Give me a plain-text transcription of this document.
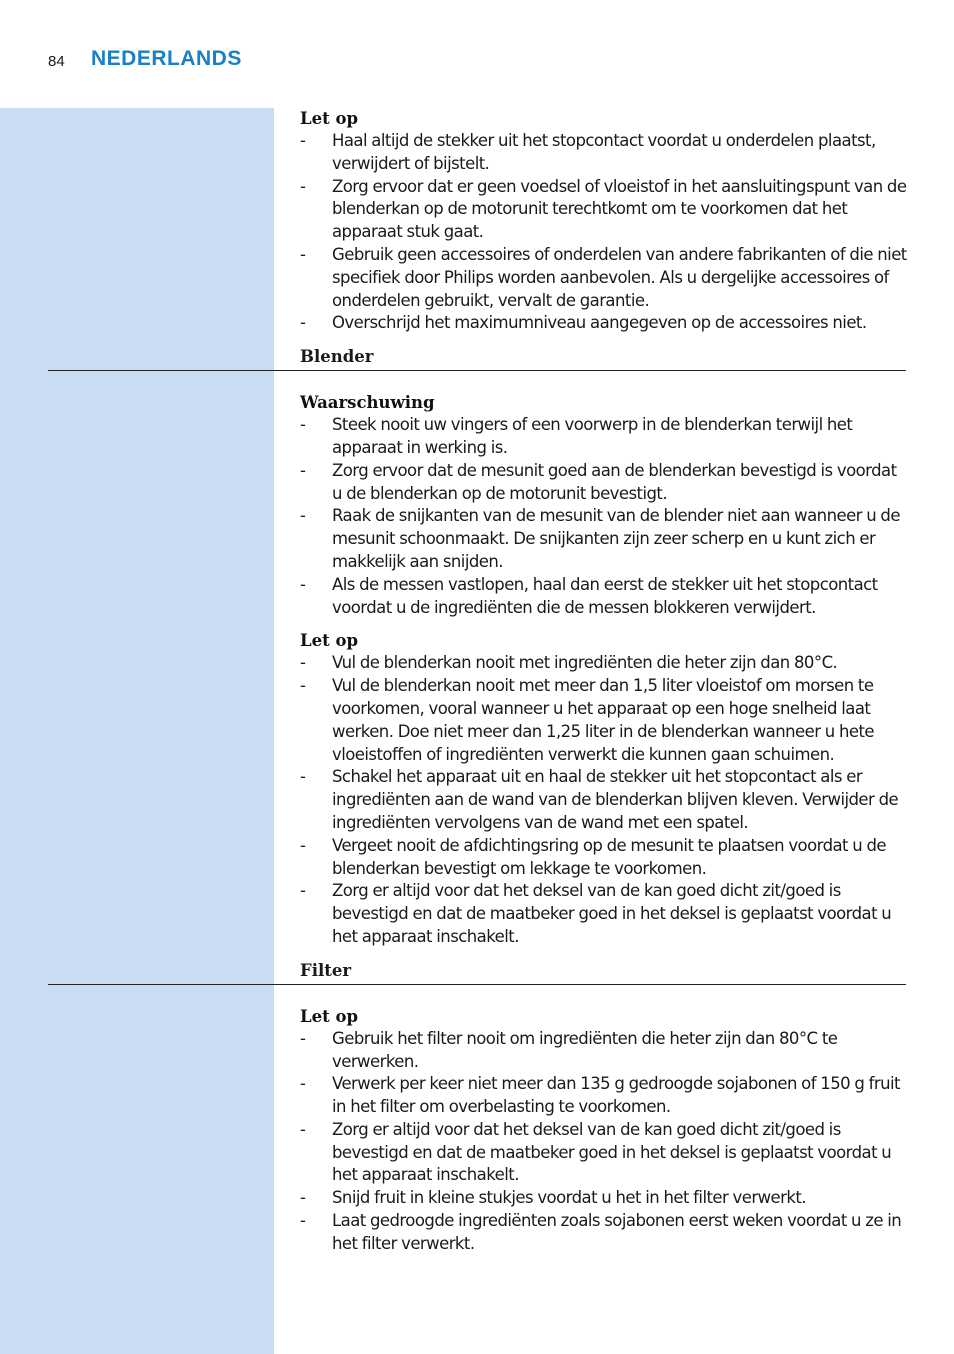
84 NEDERLANDS
Let op
- Haal altijd de stekker uit het stopcontact voordat u onderdelen plaatst, verwijdert of bijstelt.
- Zorg ervoor dat er geen voedsel of vloeistof in het aansluitingspunt van de blenderkan op de motorunit terechtkomt om te voorkomen dat het apparaat stuk gaat.
- Gebruik geen accessoires of onderdelen van andere fabrikanten of die niet specifiek door Philips worden aanbevolen. Als u dergelijke accessoires of onderdelen gebruikt, vervalt de garantie.
- Overschrijd het maximumniveau aangegeven op de accessoires niet.
Blender
Waarschuwing
- Steek nooit uw vingers of een voorwerp in de blenderkan terwijl het apparaat in werking is.
- Zorg ervoor dat de mesunit goed aan de blenderkan bevestigd is voordat u de blenderkan op de motorunit bevestigt.
- Raak de snijkanten van de mesunit van de blender niet aan wanneer u de mesunit schoonmaakt. De snijkanten zijn zeer scherp en u kunt zich er makkelijk aan snijden.
- Als de messen vastlopen, haal dan eerst de stekker uit het stopcontact voordat u de ingrediënten die de messen blokkeren verwijdert.
Let op
- Vul de blenderkan nooit met ingrediënten die heter zijn dan 80°C.
- Vul de blenderkan nooit met meer dan 1,5 liter vloeistof om morsen te voorkomen, vooral wanneer u het apparaat op een hoge snelheid laat werken. Doe niet meer dan 1,25 liter in de blenderkan wanneer u hete vloeistoffen of ingrediënten verwerkt die kunnen gaan schuimen.
- Schakel het apparaat uit en haal de stekker uit het stopcontact als er ingrediënten aan de wand van de blenderkan blijven kleven. Verwijder de ingrediënten vervolgens van de wand met een spatel.
- Vergeet nooit de afdichtingsring op de mesunit te plaatsen voordat u de blenderkan bevestigt om lekkage te voorkomen.
- Zorg er altijd voor dat het deksel van de kan goed dicht zit/goed is bevestigd en dat de maatbeker goed in het deksel is geplaatst voordat u het apparaat inschakelt.
Filter
Let op
- Gebruik het filter nooit om ingrediënten die heter zijn dan 80°C te verwerken.
- Verwerk per keer niet meer dan 135 g gedroogde sojabonen of 150 g fruit in het filter om overbelasting te voorkomen.
- Zorg er altijd voor dat het deksel van de kan goed dicht zit/goed is bevestigd en dat de maatbeker goed in het deksel is geplaatst voordat u het apparaat inschakelt.
- Snijd fruit in kleine stukjes voordat u het in het filter verwerkt.
- Laat gedroogde ingrediënten zoals sojabonen eerst weken voordat u ze in het filter verwerkt.
